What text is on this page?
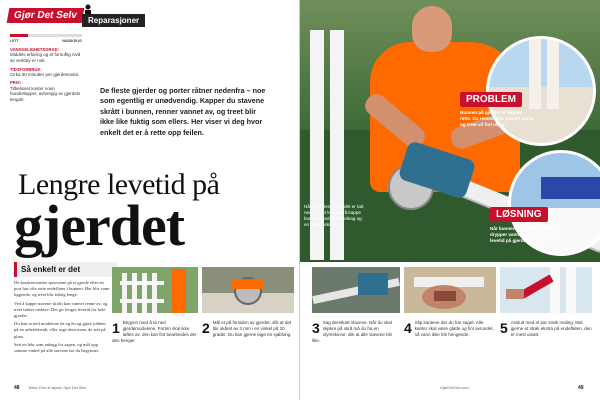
Gjør Det Selv	Reparasjoner
LETT	VANSKELIG
VANSKELIGHETSGRAD:
Middels erfaring og et fornuftig nivå av verktøy er nok.
TIDSFORBRUK:
Cirka 30 minutter per gjerdemodul.
PRIS:
Tilbehøret koster noen hundrelapper, avhengig av gjerdets lengde.
De fleste gjerder og porter råtner nedenfra – noe som egentlig er unødvendig. Kapper du stavene skrått i bunnen, renner vannet av, og treet blir ikke like fuktig som ellers. Her viser vi deg hvor enkelt det er å rette opp feilen.
Lengre levetid på
gjerdet
Så enkelt er det

De karakteristiske sprossene på et gjerde eller en port har ofte rette endeflater i bunnen. Her blir vann liggende, og treet blir fuktig lenge.

Ved å kappe stavene skrått kan vannet renne av, og treet tørker raskere. Det gir lengre levetid for hele gjerdet.

Du kan ta ned modulene én og én og gjøre jobben på en arbeidsbenk, eller sage dem mens de står på plass.

Sett en lekt som anlegg for sagen, og mål opp samme vinkel på alle stavene før du begynner.

1 Begynn med å ta ned gjerdemodulene. Porten skal ikke løftes av, den kan fint bearbeides der den henger.
2 Mål et på forsiden av gjerdet, slik at det blir skåret av 3 mm i en vinkel på 20 grader. Du kan gjerne lage en sjablong.
48 Tekst: Foto & layout: Gjør Det Selv
PROBLEM
Bunnen på gjerdet er kappet rette. Da renner ikke vannet unna, og treet vil fort råtne.
LØSNING
Når bunnen er skåret på skrå, drypper vannet av. Det gir lengre levetid på gjerdet.
Når modulene i gjerdet er tatt ned, er det lett å skrå kappe bunnen med en sirkelsag og en føringsskinne.
3 Sag deretkatt stavene. Når du skal skjære på skrå må du ha en styreskinne, slik at alle stavene blir like.
4 Slip kantene der du har saget. Alle kanter skal være glatte og fint avrundet, så vann ikke blir hengende.	5 Avslutt med et par strøk maling. Mal gjerne et strøk ekstra på endeflaten, den er mest utsatt.
GjørDetSelv.com	49
